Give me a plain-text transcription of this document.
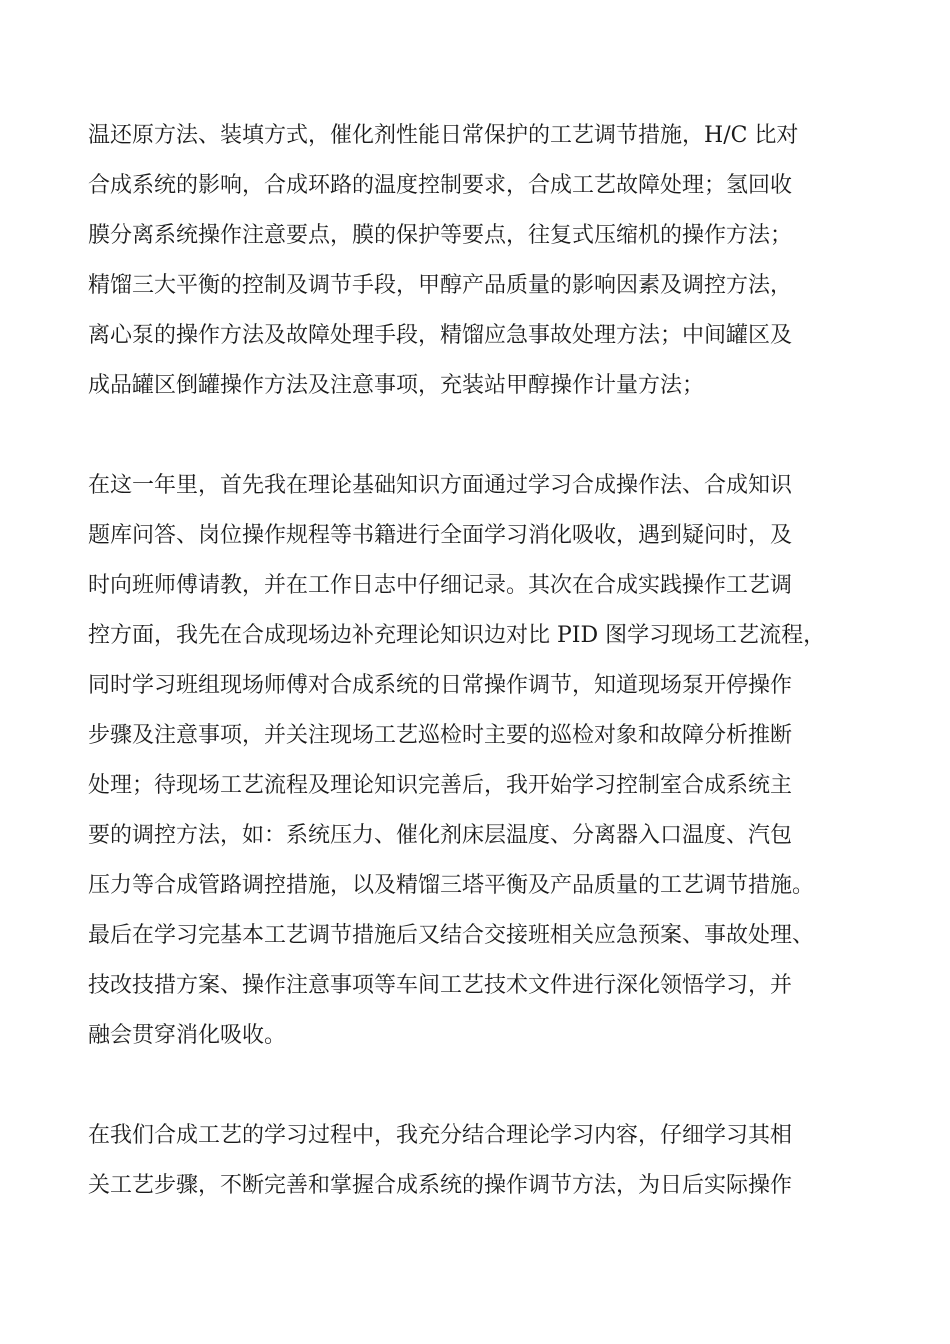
温还原方法、装填方式，催化剂性能日常保护的工艺调节措施，H/C 比对
合成系统的影响，合成环路的温度控制要求，合成工艺故障处理；氢回收
膜分离系统操作注意要点，膜的保护等要点，往复式压缩机的操作方法；
精馏三大平衡的控制及调节手段，甲醇产品质量的影响因素及调控方法，
离心泵的操作方法及故障处理手段，精馏应急事故处理方法；中间罐区及
成品罐区倒罐操作方法及注意事项，充装站甲醇操作计量方法；
在这一年里，首先我在理论基础知识方面通过学习合成操作法、合成知识
题库问答、岗位操作规程等书籍进行全面学习消化吸收，遇到疑问时，及
时向班师傅请教，并在工作日志中仔细记录。其次在合成实践操作工艺调
控方面，我先在合成现场边补充理论知识边对比 PID 图学习现场工艺流程，
同时学习班组现场师傅对合成系统的日常操作调节，知道现场泵开停操作
步骤及注意事项，并关注现场工艺巡检时主要的巡检对象和故障分析推断
处理；待现场工艺流程及理论知识完善后，我开始学习控制室合成系统主
要的调控方法，如：系统压力、催化剂床层温度、分离器入口温度、汽包
压力等合成管路调控措施，以及精馏三塔平衡及产品质量的工艺调节措施。
最后在学习完基本工艺调节措施后又结合交接班相关应急预案、事故处理、
技改技措方案、操作注意事项等车间工艺技术文件进行深化领悟学习，并
融会贯穿消化吸收。
在我们合成工艺的学习过程中，我充分结合理论学习内容，仔细学习其相
关工艺步骤，不断完善和掌握合成系统的操作调节方法，为日后实际操作
